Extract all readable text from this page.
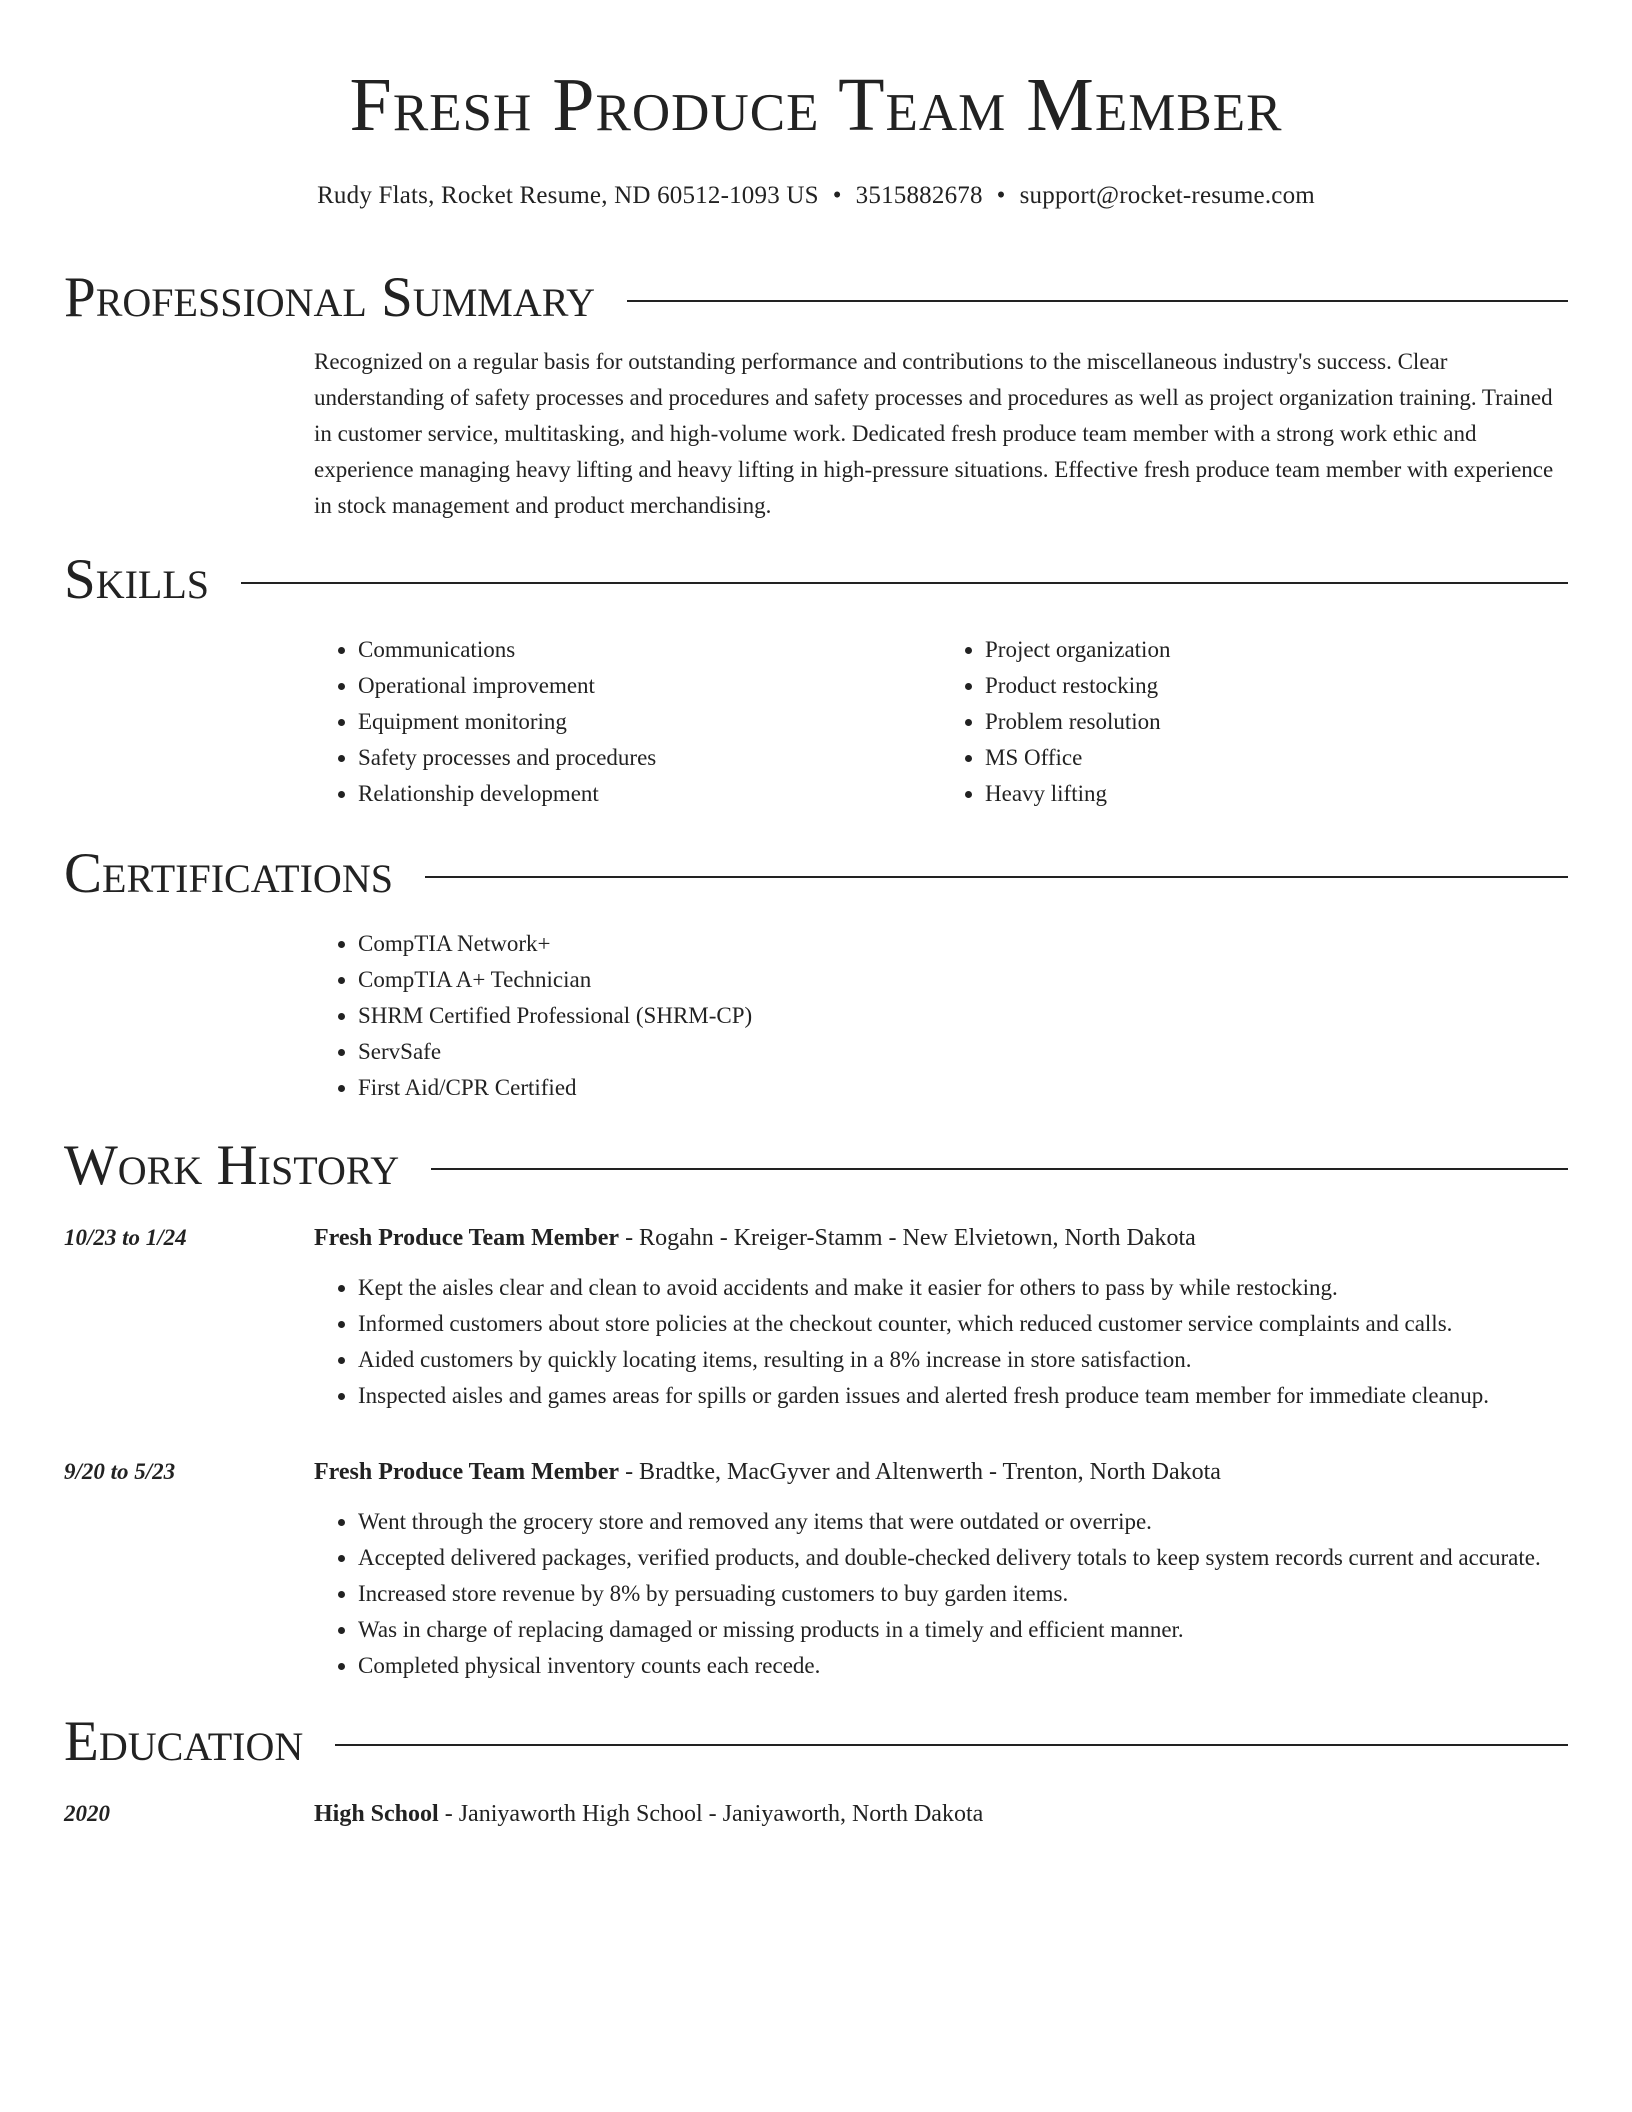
Fresh Produce Team Member
Rudy Flats, Rocket Resume, ND 60512-1093 US • 3515882678 • support@rocket-resume.com
Professional Summary

Recognized on a regular basis for outstanding performance and contributions to the miscellaneous industry's success. Clear understanding of safety processes and procedures and safety processes and procedures as well as project organization training. Trained in customer service, multitasking, and high-volume work. Dedicated fresh produce team member with a strong work ethic and experience managing heavy lifting and heavy lifting in high-pressure situations. Effective fresh produce team member with experience in stock management and product merchandising.

Skills
• Communications
• Operational improvement
• Equipment monitoring
• Safety processes and procedures
• Relationship development
• Project organization
• Product restocking
• Problem resolution
• MS Office
• Heavy lifting
Certifications
• CompTIA Network+
• CompTIA A+ Technician
• SHRM Certified Professional (SHRM-CP)
• ServSafe
• First Aid/CPR Certified
Work History
10/23 to 1/24	Fresh Produce Team Member - Rogahn - Kreiger-Stamm - New Elvietown, North Dakota
• Kept the aisles clear and clean to avoid accidents and make it easier for others to pass by while restocking.
• Informed customers about store policies at the checkout counter, which reduced customer service complaints and calls.
• Aided customers by quickly locating items, resulting in a 8% increase in store satisfaction.
• Inspected aisles and games areas for spills or garden issues and alerted fresh produce team member for immediate cleanup.
9/20 to 5/23	Fresh Produce Team Member - Bradtke, MacGyver and Altenwerth - Trenton, North Dakota
• Went through the grocery store and removed any items that were outdated or overripe.
• Accepted delivered packages, verified products, and double-checked delivery totals to keep system records current and accurate.
• Increased store revenue by 8% by persuading customers to buy garden items.
• Was in charge of replacing damaged or missing products in a timely and efficient manner.
• Completed physical inventory counts each recede.
Education
2020	High School - Janiyaworth High School - Janiyaworth, North Dakota
